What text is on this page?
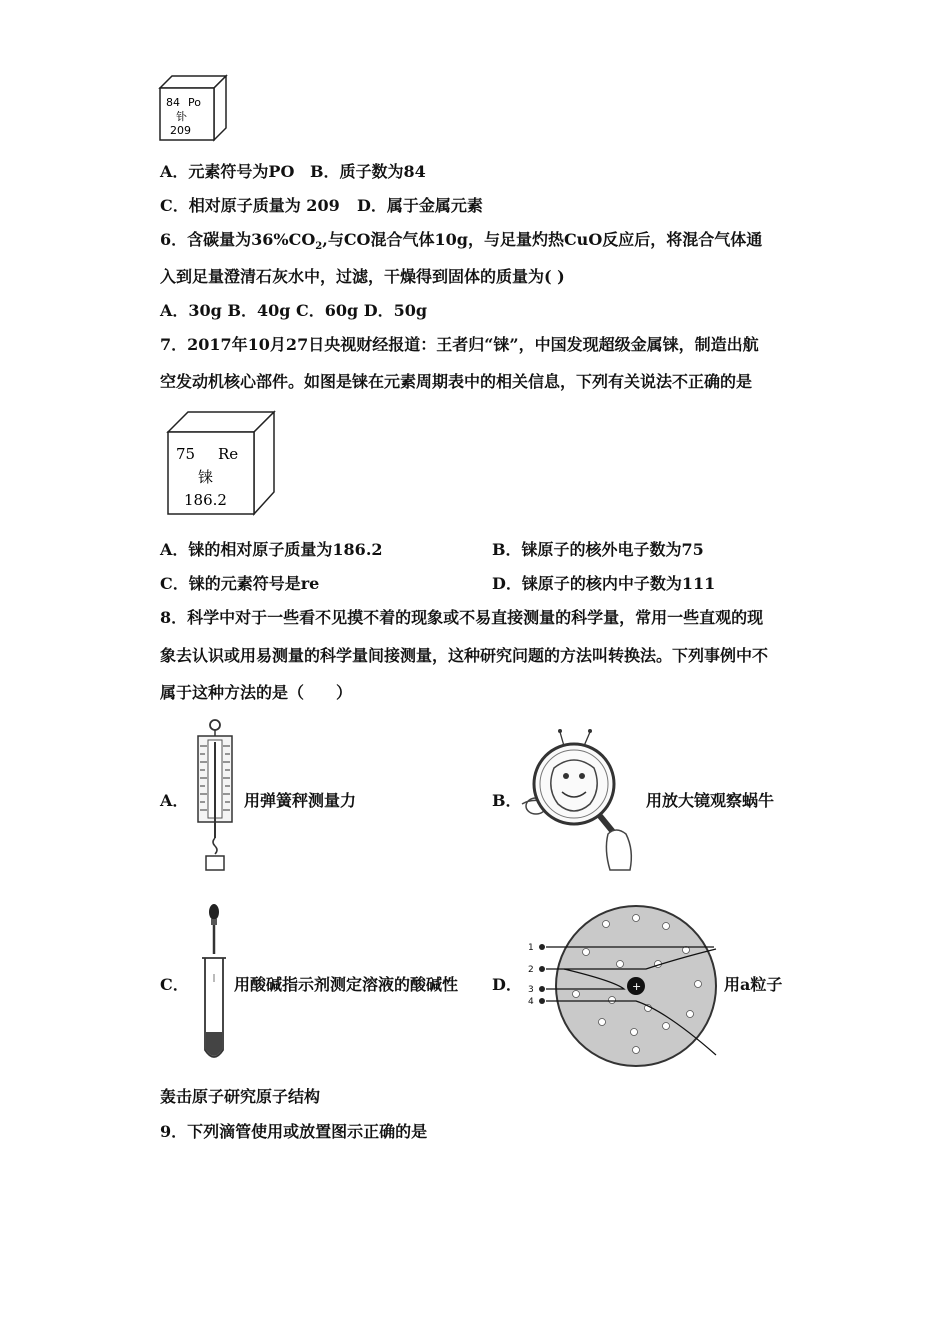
84 Po
钋
209
A．元素符号为PO B．质子数为84
C．相对原子质量为 209 D．属于金属元素
6．含碳量为$36\%CO_2$,与CO混合气体10g，与足量灼热CuO反应后，将混合气体通
入到足量澄清石灰水中，过滤，干燥得到固体的质量为( )
A．30g B．40g C．60g D．50g
7．2017年10月27日央视财经报道：王者归“铼”，中国发现超级金属铼，制造出航
空发动机核心部件。如图是铼在元素周期表中的相关信息，下列有关说法不正确的是
75 Re
铼
186.2
A．铼的相对原子质量为186.2	B．铼原子的核外电子数为75
C．铼的元素符号是re	D．铼原子的核内中子数为111
8．科学中对于一些看不见摸不着的现象或不易直接测量的科学量，常用一些直观的现
象去认识或用易测量的科学量间接测量，这种研究问题的方法叫转换法。下列事例中不
属于这种方法的是（　　）
A．	用弹簧秤测量力	B．	用放大镜观察蜗牛
C．	用酸碱指示剂测定溶液的酸碱性 D．	+
1
2
3
4
用a粒子
轰击原子研究原子结构
9．下列滴管使用或放置图示正确的是
